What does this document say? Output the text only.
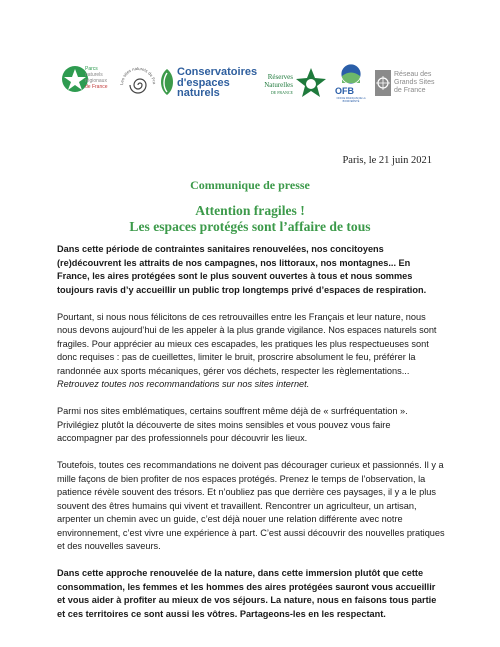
Parcs
naturels
régionaux
de France
Les sites naturels de Fra
Conservatoires
d'espaces
naturels
Réserves
Naturelles
DE FRANCE	OFB
OFFICE FRANÇAIS DE LA BIODIVERSITÉ
Réseau des
Grands Sites
de France
Paris, le 21 juin 2021
Communique de presse
Attention fragiles !
Les espaces protégés sont l’affaire de tous

Dans cette période de contraintes sanitaires renouvelées, nos concitoyens (re)découvrent les attraits de nos campagnes, nos littoraux, nos montagnes... En France, les aires protégées sont le plus souvent ouvertes à tous et nous sommes toujours ravis d’y accueillir un public trop longtemps privé d’espaces de respiration.

Pourtant, si nous nous félicitons de ces retrouvailles entre les Français et leur nature, nous nous devons aujourd’hui de les appeler à la plus grande vigilance. Nos espaces naturels sont fragiles. Pour apprécier au mieux ces escapades, les pratiques les plus respectueuses sont donc requises : pas de cueillettes, limiter le bruit, proscrire absolument le feu, préférer la randonnée aux sports mécaniques, gérer vos déchets, respecter les règlementations...
Retrouvez toutes nos recommandations sur nos sites internet.

Parmi nos sites emblématiques, certains souffrent même déjà de « surfréquentation ». Privilégiez plutôt la découverte de sites moins sensibles et vous pouvez vous faire accompagner par des professionnels pour découvrir les lieux.

Toutefois, toutes ces recommandations ne doivent pas décourager curieux et passionnés. Il y a mille façons de bien profiter de nos espaces protégés. Prenez le temps de l’observation, la patience révèle souvent des trésors. Et n’oubliez pas que derrière ces paysages, il y a le plus souvent des êtres humains qui vivent et travaillent. Rencontrer un agriculteur, un artisan, arpenter un chemin avec un guide, c’est déjà nouer une relation différente avec notre environnement, c’est vivre une expérience à part. C’est aussi découvrir des nouvelles pratiques et des nouvelles saveurs.

Dans cette approche renouvelée de la nature, dans cette immersion plutôt que cette consommation, les femmes et les hommes des aires protégées sauront vous accueillir et vous aider à profiter au mieux de vos séjours. La nature, nous en faisons tous partie et ces territoires ce sont aussi les vôtres. Partageons-les en les respectant.
